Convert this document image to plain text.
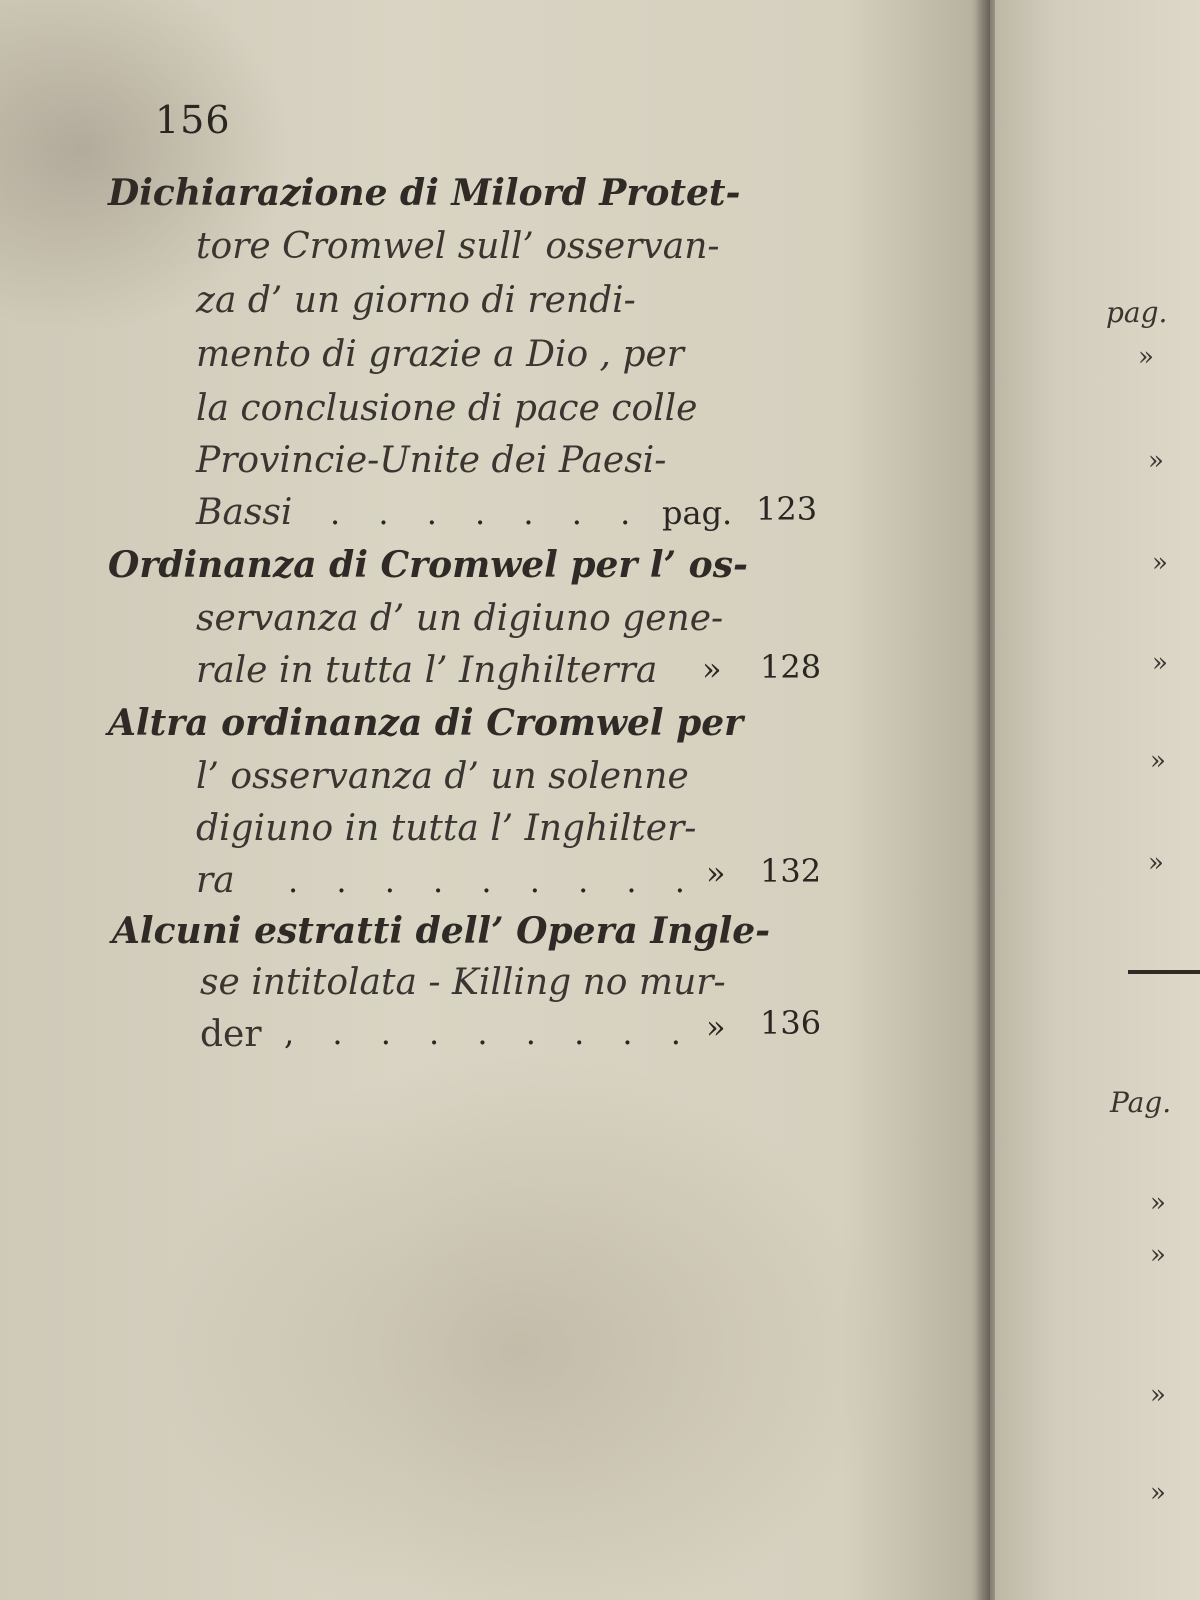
156
Dichiarazione di Milord Protet-
tore Cromwel sull’ osservan-
za d’ un giorno di rendi-
mento di grazie a Dio , per
la conclusione di pace colle
Provincie-Unite dei Paesi-
Bassi . . . . . . . pag. 123
Ordinanza di Cromwel per l’ os-
servanza d’ un digiuno gene-
rale in tutta l’ Inghilterra » 128
Altra ordinanza di Cromwel per
l’ osservanza d’ un solenne
digiuno in tutta l’ Inghilter-
ra . . . . . . . . . » 132
Alcuni estratti dell’ Opera Ingle-
se intitolata - Killing no mur-
der , . . . . . . . . » 136
pag.
»
»
»
»
»
»
Pag.
»
»
»
»
